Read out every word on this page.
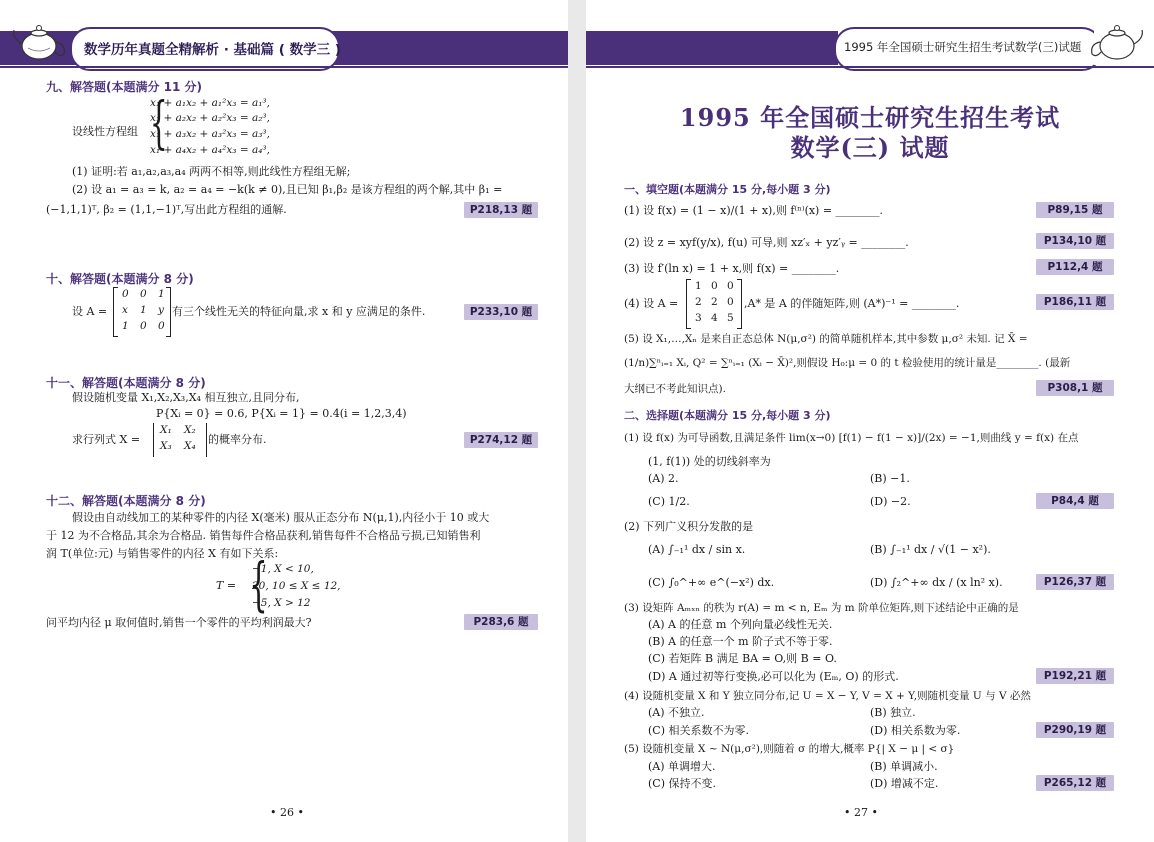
数学历年真题全精解析 · 基础篇 ( 数学三 )
九、解答题(本题满分 11 分)
设线性方程组 {
x₁ + a₁x₂ + a₁²x₃ = a₁³,
x₁ + a₂x₂ + a₂²x₃ = a₂³,
x₁ + a₃x₂ + a₃²x₃ = a₃³,
x₁ + a₄x₂ + a₄²x₃ = a₄³,
(1) 证明:若 a₁,a₂,a₃,a₄ 两两不相等,则此线性方程组无解;
(2) 设 a₁ = a₃ = k, a₂ = a₄ = −k(k ≠ 0),且已知 β₁,β₂ 是该方程组的两个解,其中 β₁ =
(−1,1,1)ᵀ, β₂ = (1,1,−1)ᵀ,写出此方程组的通解.	P218,13 题
十、解答题(本题满分 8 分)
设 A =
0 0 1
x 1 y
1 0 0
有三个线性无关的特征向量,求 x 和 y 应满足的条件.	P233,10 题
十一、解答题(本题满分 8 分)
假设随机变量 X₁,X₂,X₃,X₄ 相互独立,且同分布,
P{Xᵢ = 0} = 0.6, P{Xᵢ = 1} = 0.4(i = 1,2,3,4)
求行列式 X =
X₁ X₂
X₃ X₄ 的概率分布.	P274,12 题
十二、解答题(本题满分 8 分)
假设由自动线加工的某种零件的内径 X(毫米) 服从正态分布 N(μ,1),内径小于 10 或大
于 12 为不合格品,其余为合格品. 销售每件合格品获利,销售每件不合格品亏损,已知销售利
润 T(单位:元) 与销售零件的内径 X 有如下关系:
T = {
−1, X < 10,
20, 10 ≤ X ≤ 12,
−5, X > 12
问平均内径 μ 取何值时,销售一个零件的平均利润最大?	P283,6 题
• 26 •
1995 年全国硕士研究生招生考试数学(三)试题
1995 年全国硕士研究生招生考试
数学(三) 试题
一、填空题(本题满分 15 分,每小题 3 分)
(1) 设 f(x) = (1 − x)/(1 + x),则 f⁽ⁿ⁾(x) = ________.	P89,15 题
(2) 设 z = xyf(y/x), f(u) 可导,则 xz′ₓ + yz′ᵧ = ________.	P134,10 题
(3) 设 f′(ln x) = 1 + x,则 f(x) = ________.	P112,4 题
(4) 设 A =
1 0 0
2 2 0
3 4 5
,A* 是 A 的伴随矩阵,则 (A*)⁻¹ = ________.	P186,11 题
(5) 设 X₁,…,Xₙ 是来自正态总体 N(μ,σ²) 的简单随机样本,其中参数 μ,σ² 未知. 记 X̄ =
(1/n)∑ⁿᵢ₌₁ Xᵢ, Q² = ∑ⁿᵢ₌₁ (Xᵢ − X̄)²,则假设 H₀:μ = 0 的 t 检验使用的统计量是________. (最新
大纲已不考此知识点).	P308,1 题
二、选择题(本题满分 15 分,每小题 3 分)
(1) 设 f(x) 为可导函数,且满足条件 lim(x→0) [f(1) − f(1 − x)]/(2x) = −1,则曲线 y = f(x) 在点
(1, f(1)) 处的切线斜率为
(A) 2.	(B) −1.
(C) 1/2.	(D) −2.	P84,4 题
(2) 下列广义积分发散的是
(A) ∫₋₁¹ dx / sin x.	(B) ∫₋₁¹ dx / √(1 − x²).
(C) ∫₀^+∞ e^(−x²) dx.	(D) ∫₂^+∞ dx / (x ln² x).	P126,37 题
(3) 设矩阵 Aₘₓₙ 的秩为 r(A) = m < n, Eₘ 为 m 阶单位矩阵,则下述结论中正确的是
(A) A 的任意 m 个列向量必线性无关.
(B) A 的任意一个 m 阶子式不等于零.
(C) 若矩阵 B 满足 BA = O,则 B = O.
(D) A 通过初等行变换,必可以化为 (Eₘ, O) 的形式.	P192,21 题
(4) 设随机变量 X 和 Y 独立同分布,记 U = X − Y, V = X + Y,则随机变量 U 与 V 必然
(A) 不独立.	(B) 独立.
(C) 相关系数不为零.	(D) 相关系数为零.	P290,19 题
(5) 设随机变量 X ~ N(μ,σ²),则随着 σ 的增大,概率 P{| X − μ | < σ}
(A) 单调增大.	(B) 单调减小.
(C) 保持不变.	(D) 增减不定.	P265,12 题
• 27 •
